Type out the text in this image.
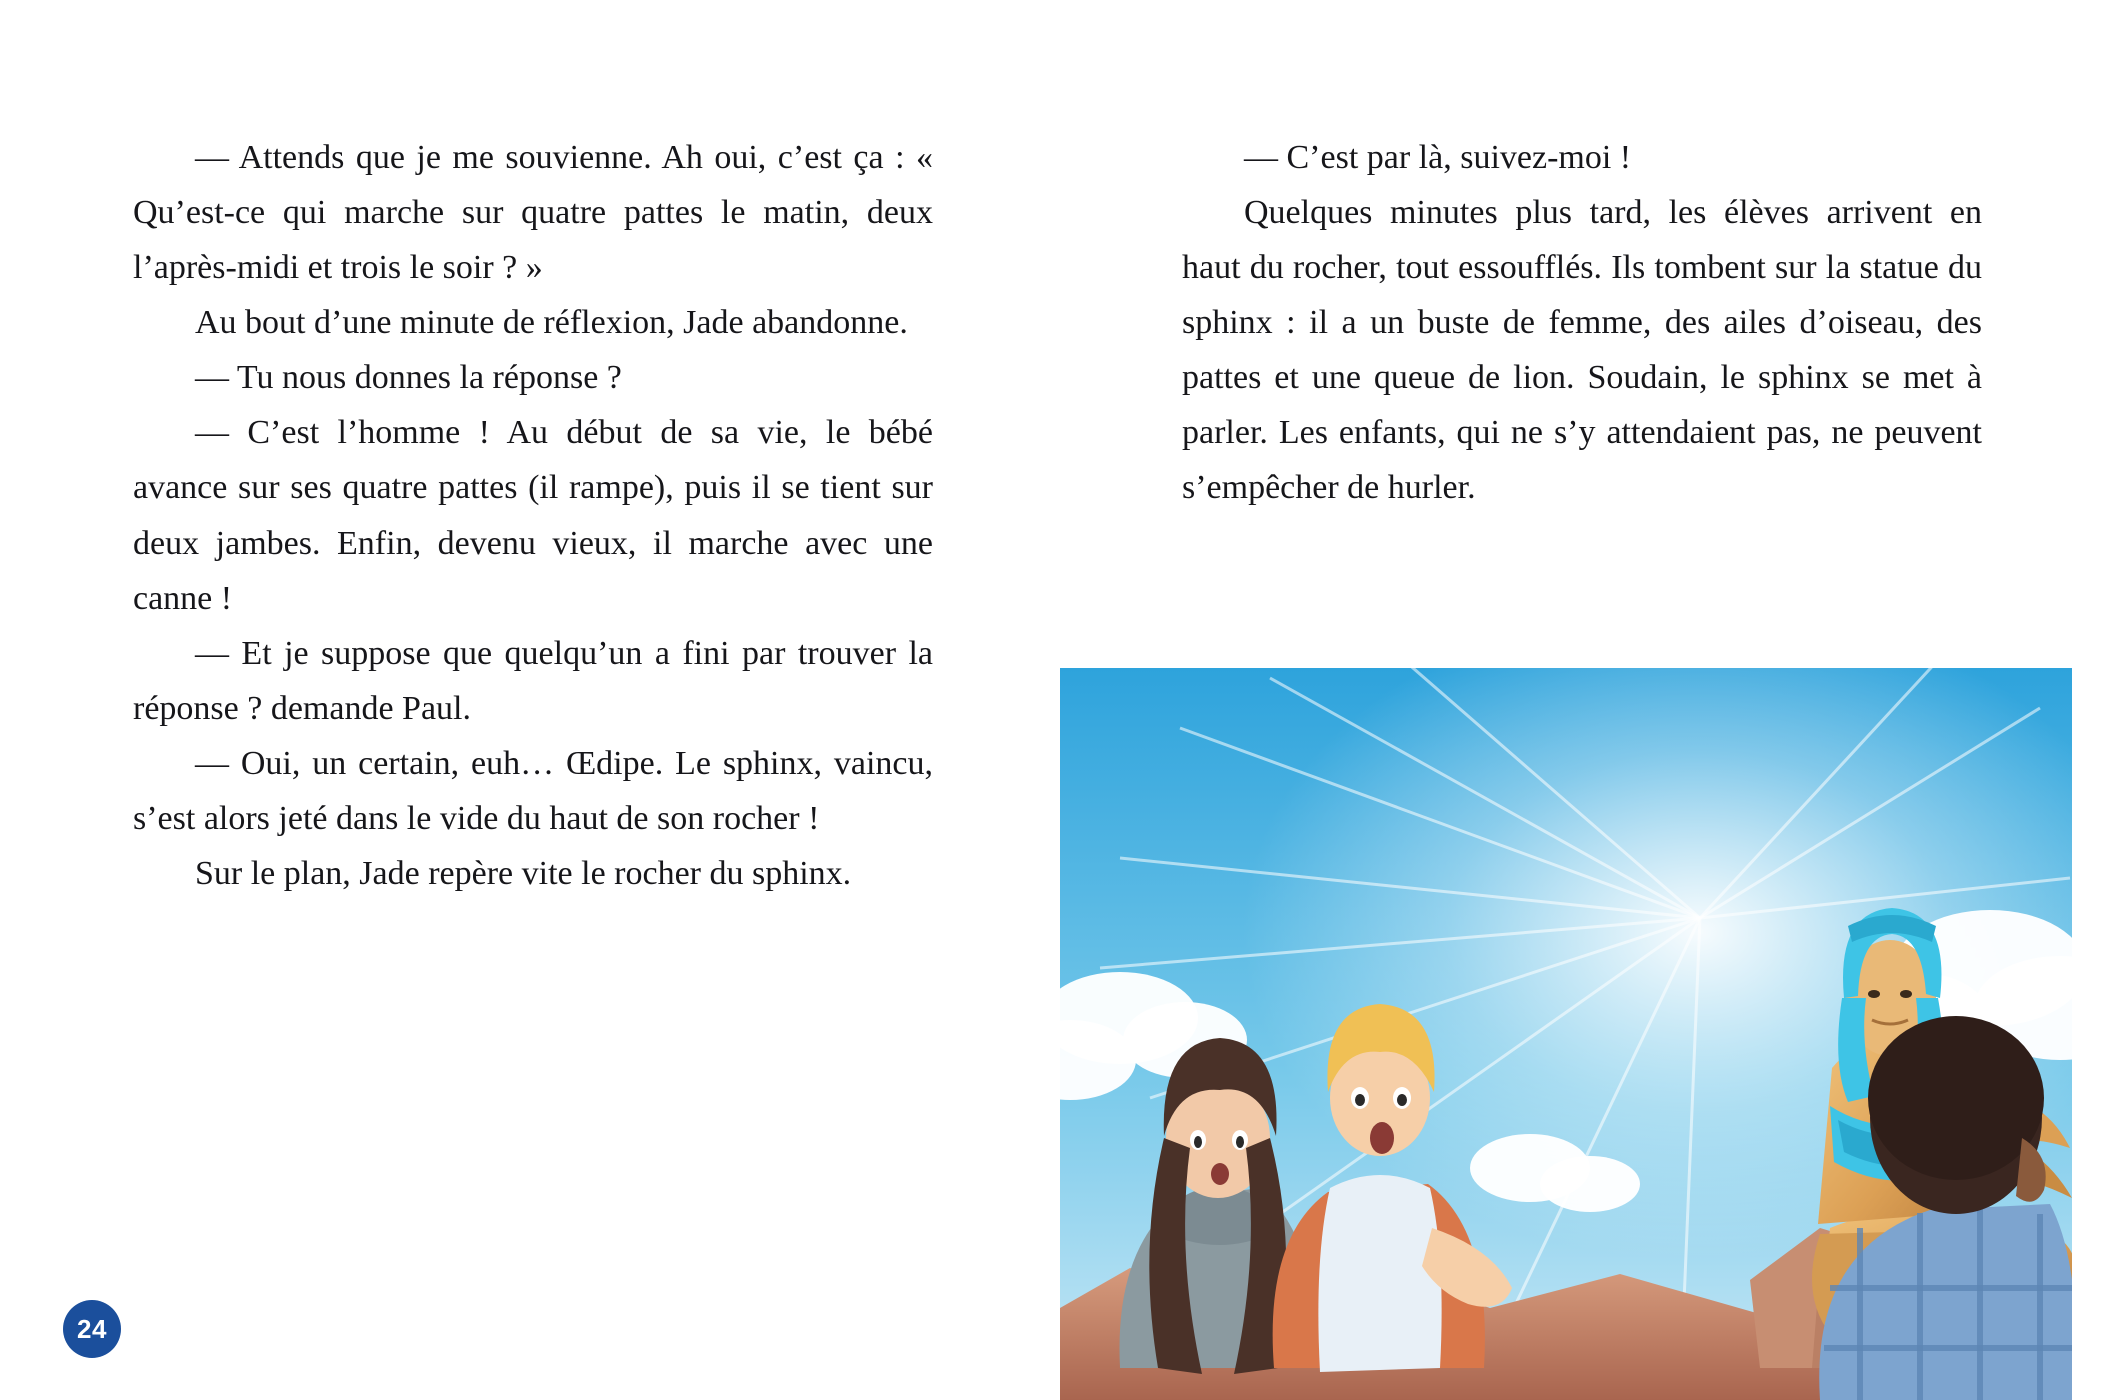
— Attends que je me souvienne. Ah oui, c’est ça : « Qu’est-ce qui marche sur quatre pattes le matin, deux l’après-midi et trois le soir ? »

Au bout d’une minute de réflexion, Jade abandonne.

— Tu nous donnes la réponse ?

— C’est l’homme ! Au début de sa vie, le bébé avance sur ses quatre pattes (il rampe), puis il se tient sur deux jambes. Enfin, devenu vieux, il marche avec une canne !

— Et je suppose que quelqu’un a fini par trouver la réponse ? demande Paul.

— Oui, un certain, euh… Œdipe. Le sphinx, vaincu, s’est alors jeté dans le vide du haut de son rocher !

Sur le plan, Jade repère vite le rocher du sphinx.

— C’est par là, suivez-moi !

Quelques minutes plus tard, les élèves arrivent en haut du rocher, tout essoufflés. Ils tombent sur la statue du sphinx : il a un buste de femme, des ailes d’oiseau, des pattes et une queue de lion. Soudain, le sphinx se met à parler. Les enfants, qui ne s’y attendaient pas, ne peuvent s’empêcher de hurler.

24
